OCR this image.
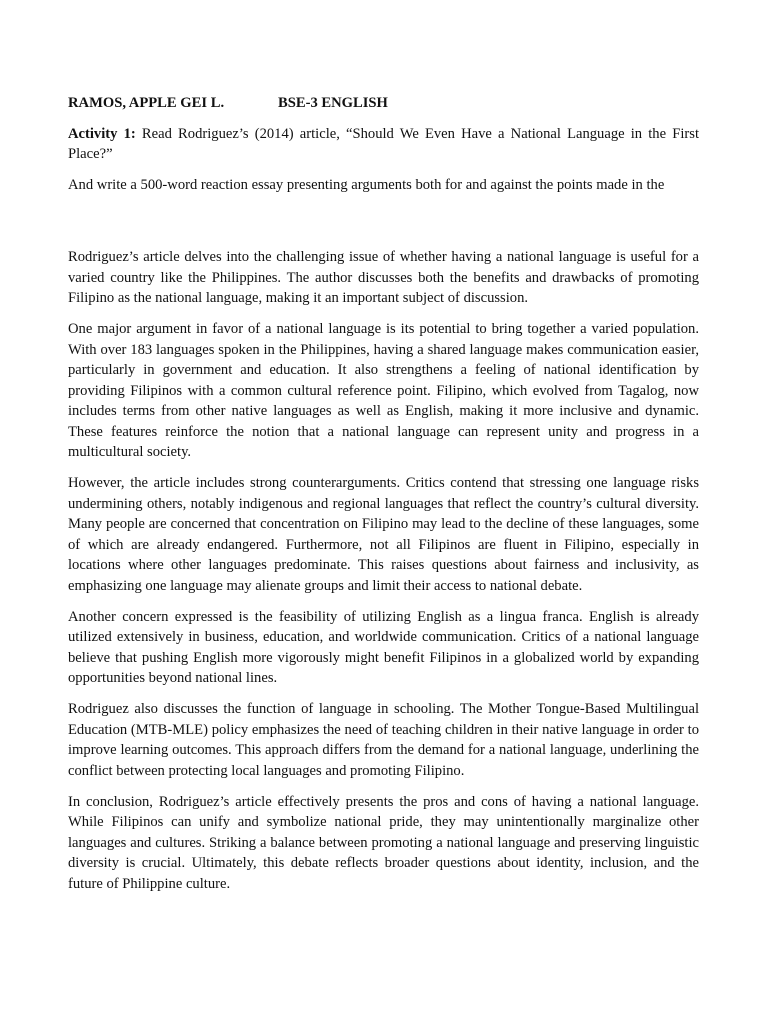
RAMOS, APPLE GEI L.	BSE-3 ENGLISH

Activity 1: Read Rodriguez’s (2014) article, “Should We Even Have a National Language in the First Place?”

And write a 500-word reaction essay presenting arguments both for and against the points made in the

Rodriguez’s article delves into the challenging issue of whether having a national language is useful for a varied country like the Philippines. The author discusses both the benefits and drawbacks of promoting Filipino as the national language, making it an important subject of discussion.

One major argument in favor of a national language is its potential to bring together a varied population. With over 183 languages spoken in the Philippines, having a shared language makes communication easier, particularly in government and education. It also strengthens a feeling of national identification by providing Filipinos with a common cultural reference point. Filipino, which evolved from Tagalog, now includes terms from other native languages as well as English, making it more inclusive and dynamic. These features reinforce the notion that a national language can represent unity and progress in a multicultural society.

However, the article includes strong counterarguments. Critics contend that stressing one language risks undermining others, notably indigenous and regional languages that reflect the country’s cultural diversity. Many people are concerned that concentration on Filipino may lead to the decline of these languages, some of which are already endangered. Furthermore, not all Filipinos are fluent in Filipino, especially in locations where other languages predominate. This raises questions about fairness and inclusivity, as emphasizing one language may alienate groups and limit their access to national debate.

Another concern expressed is the feasibility of utilizing English as a lingua franca. English is already utilized extensively in business, education, and worldwide communication. Critics of a national language believe that pushing English more vigorously might benefit Filipinos in a globalized world by expanding opportunities beyond national lines.

Rodriguez also discusses the function of language in schooling. The Mother Tongue-Based Multilingual Education (MTB-MLE) policy emphasizes the need of teaching children in their native language in order to improve learning outcomes. This approach differs from the demand for a national language, underlining the conflict between protecting local languages and promoting Filipino.

In conclusion, Rodriguez’s article effectively presents the pros and cons of having a national language. While Filipinos can unify and symbolize national pride, they may unintentionally marginalize other languages and cultures. Striking a balance between promoting a national language and preserving linguistic diversity is crucial. Ultimately, this debate reflects broader questions about identity, inclusion, and the future of Philippine culture.
